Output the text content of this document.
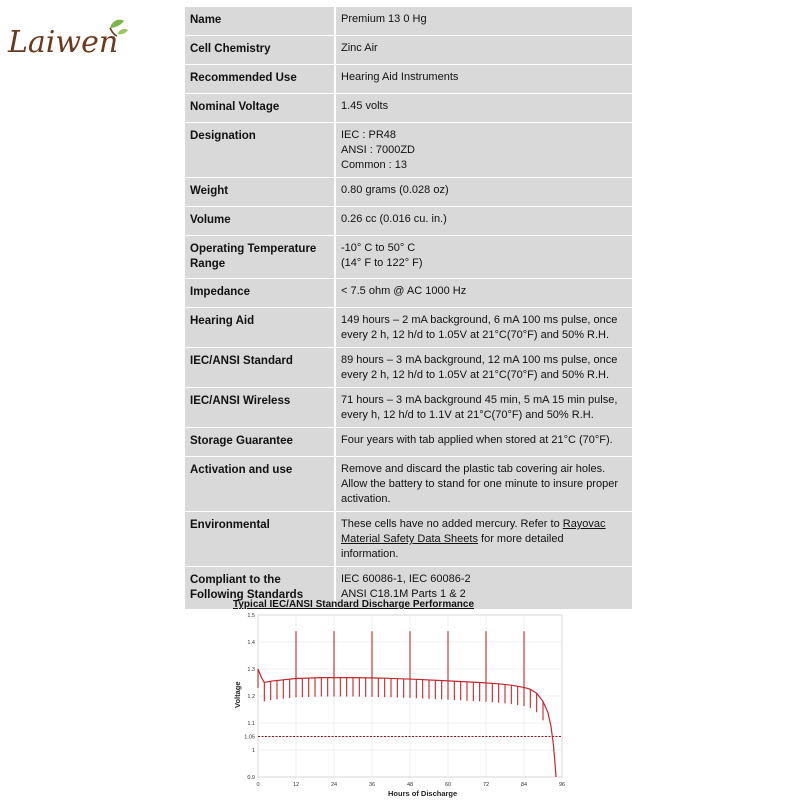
Laiwen
Name	Premium 13 0 Hg
Cell Chemistry	Zinc Air
Recommended Use	Hearing Aid Instruments
Nominal Voltage	1.45 volts
Designation	IEC : PR48
ANSI : 7000ZD
Common : 13

Weight	0.80 grams (0.028 oz)
Volume	0.26 cc (0.016 cu. in.)

Operating Temperature
Range	-10° C to 50° C
(14° F to 122° F)

Impedance	< 7.5 ohm @ AC 1000 Hz
Hearing Aid	149 hours – 2 mA background, 6 mA 100 ms pulse, once
every 2 h, 12 h/d to 1.05V at 21°C(70°F) and 50% R.H.

IEC/ANSI Standard	89 hours – 3 mA background, 12 mA 100 ms pulse, once
every 2 h, 12 h/d to 1.05V at 21°C(70°F) and 50% R.H.

IEC/ANSI Wireless	71 hours – 3 mA background 45 min, 5 mA 15 min pulse,
every h, 12 h/d to 1.1V at 21°C(70°F) and 50% R.H.

Storage Guarantee	Four years with tab applied when stored at 21°C (70°F).
Activation and use	Remove and discard the plastic tab covering air holes.
Allow the battery to stand for one minute to insure proper
activation.

Environmental	These cells have no added mercury. Refer to Rayovac
Material Safety Data Sheets for more detailed
information.

Compliant to the
Following Standards	IEC 60086-1, IEC 60086-2
ANSI C18.1M Parts 1 & 2
Typical IEC/ANSI Standard Discharge Performance
0.9
1
1.05
1.1
1.2
1.3
1.4
1.5
0	12	24	36	48	60	72	84	96
Hours of Discharge
Voltage
